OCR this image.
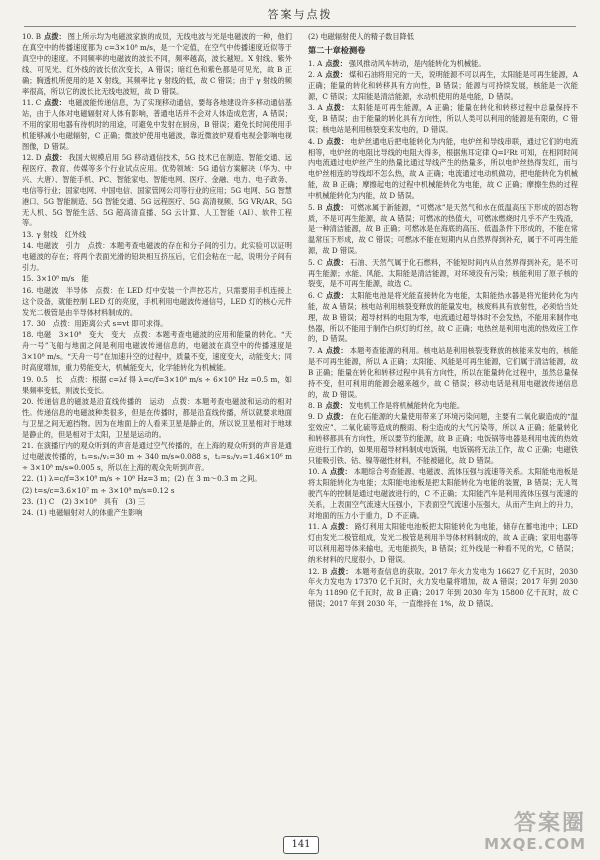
答案与点拨
10. B 点拨： 图上所示均为电磁波家族的成员，无线电波与光是电磁波的一种，他们在真空中的传播速度都为 c=3×10⁸ m/s，是一个定值，在空气中传播速度近似等于真空中的速度。不同频率的电磁波的波长不同，频率越高，波长越短。X 射线、紫外线、可见光、红外线的波长依次变长，A 错误；暗红色和紫色都是可见光，故 B 正确；胸透机所使用的是 X 射线，其频率比 γ 射线的低，故 C 错误；由于 γ 射线的频率很高，所以它的波长比无线电波短，故 D 错误。
11. C 点拨： 电磁波能传递信息，为了实现移动通信，要每各地建设许多移动通信基站，由于人体对电磁辐射对人体有影响，普通电话并不会对人体造成危害，A 错误；不用的家用电器有待机时的用途，可避免中发射在厨房，B 错误；避免长时间使用手机能够减小电磁辐射，C 正确；微波炉使用电磁波，靠近微波炉观看电视会影响电视图像，D 错误。
12. D 点拨： 我国大规模启用 5G 移动通信技术，5G 技术已在制造、智能交通、远程医疗、教育、传媒等多个行业试点应用。优势领域：5G 通信方案解决（华为、中兴、大唐）、智能手机、PC、智能家电、智能电网、医疗、金融、电力、电子政务、电信等行业；国家电网、中国电信、国家管网公司等行业的应用；5G 电网、5G 智慧港口、5G 智能制造、5G 智能交通、5G 远程医疗、5G 高清视频、5G VR/AR、5G 无人机、5G 智能生活、5G 超高清直播、5G 云计算、人工智能（AI）、软件工程等。
13. γ 射线　红外线
14. 电磁波　引力　点拨：本题考查电磁波的存在和分子间的引力。此实验可以证明电磁波的存在；将两个表面光滑的铅块相互挤压后，它们会粘在一起，说明分子间有引力。
15. 3×10⁸ m/s　能
16. 电磁波　半导体　点拨：在 LED 灯中安装一个声控芯片，只需要用手机连接上这个设备，就能控制 LED 灯的亮度，手机利用电磁波传递信号，LED 灯的核心元件发光二极管是由半导体材料制成的。
17. 30　点拨：用距离公式 s=vt 即可求得。
18. 电磁　3×10⁸　变大　变大　点拨：本题考查电磁波的应用和能量的转化。“天舟一号”飞船与地面之间是利用电磁波传递信息的，电磁波在真空中的传播速度是 3×10⁸ m/s。“天舟一号”在加速升空的过程中，质量不变，速度变大，动能变大；同时高度增加，重力势能变大，机械能变大，化学能转化为机械能。
19. 0.5　长　点拨：根据 c=λf 得 λ=c/f=3×10⁸ m/s ÷ 6×10⁸ Hz =0.5 m，如果频率变低，则波长变长。
20. 传递信息的磁波是沿直线传播的　运动　点拨：本题考查电磁波和运动的相对性。传递信息的电磁波种类很多，但是在传播时，都是沿直线传播，所以就要求地面与卫星之间无遮挡物。因为在地面上的人看来卫星是静止的，所以说卫星相对于地球是静止的，但是相对于太阳，卫星是运动的。
21. 在演播厅内的观众听到的声音是通过空气传播的，在上海的观众听到的声音是通过电磁波传播的，t₁=s₁/v₁=30 m ÷ 340 m/s≈0.088 s，t₂=s₂/v₂=1.46×10⁶ m ÷ 3×10⁸ m/s≈0.005 s，所以在上海的观众先听到声音。
22. (1) λ=c/f=3×10⁸ m/s ÷ 10⁸ Hz=3 m；(2) 在 3 m～0.3 m 之间。
(2) t=s/c=3.6×10⁷ m ÷ 3×10⁸ m/s=0.12 s
23. (1) C　(2) 3×10⁸　具有　(3) 三
24. (1) 电磁辐射对人的体重产生影响
(2) 电磁辐射使人的精子数目降低
第二十章检测卷
1. A 点拨： 强风推动风车转动，是内能转化为机械能。
2. A 点拨： 煤和石油将用完的一天，说明能源不可以再生，太阳能是可再生能源，A 正确；能量的转化和转移具有方向性，B 错误；能源与可持续发展，核能是一次能源，C 错误；太阳能是清洁能源，水动机使用的是电能，D 错误。
3. A 点拨： 太阳能是可再生能源，A 正确；能量在转化和转移过程中总量保持不变，B 错误；由于能量的转化具有方向性，所以人类可以利用的能源是有限的，C 错误；核电站是利用核裂变来发电的，D 错误。
4. D 点拨： 电炉丝通电后把电能转化为内能，电炉丝和导线串联，通过它们的电流相等，电炉丝的电阻比导线的电阻大得多，根据焦耳定律 Q=I²Rt 可知，在相同时间内电流通过电炉丝产生的热量比通过导线产生的热量多，所以电炉丝热得发红，而与电炉丝相连的导线却不怎么热，故 A 正确；电流通过电动机做功，把电能转化为机械能，故 B 正确；摩擦起电的过程中机械能转化为电能，故 C 正确；摩擦生热的过程中机械能转化为内能，故 D 错误。
5. B 点拨： 可燃冰属于新能源，“可燃冰”是天然气和水在低温高压下形成的固态物质，不是可再生能源，故 A 错误；可燃冰的热值大，可燃冰燃烧时几乎不产生残渣，是一种清洁能源，故 B 正确；可燃冰是在海底的高压、低温条件下形成的，不能在常温常压下形成，故 C 错误；可燃冰不能在短期内从自然界得到补充，属于不可再生能源，故 D 错误。
5. C 点拨： 石油、天然气属于化石燃料，不能短时间内从自然界得到补充，是不可再生能源；水能、风能、太阳能是清洁能源，对环境没有污染；核能利用了原子核的裂变，是不可再生能源，故选 C。
6. C 点拨： 太阳能电池是将光能直接转化为电能，太阳能热水器是将光能转化为内能，故 A 错误；核电站利用核裂变释放的能量发电，核废料具有放射性，必须恰当处理，故 B 错误；超导材料的电阻为零，电流通过超导体时不会发热，不能用来制作电热器，所以不能用于制作白炽灯的灯丝，故 C 正确；电热丝是利用电流的热效应工作的，D 错误。
7. A 点拨： 本题考查能源的利用。核电站是利用核裂变释放的核能来发电的，核能是不可再生能源，所以 A 正确；太阳能、风能是可再生能源，它们属于清洁能源，故 B 正确；能量在转化和转移过程中具有方向性，所以在能量转化过程中，虽然总量保持不变，但可利用的能源会越来越少，故 C 错误；移动电话是利用电磁波传递信息的，故 D 错误。
8. B 点拨： 发电机工作是将机械能转化为电能。
9. D 点拨： 在化石能源的大量使用带来了环境污染问题，主要有二氧化碳造成的“温室效应”、二氧化硫等造成的酸雨、粉尘造成的大气污染等，所以 A 正确；能量转化和转移都具有方向性，所以要节约能源，故 B 正确；电饭锅等电器是利用电流的热效应进行工作的，如果用超导材料制成电饭锅，电饭锅将无法工作，故 C 正确；电磁铁只能吸引铁、钴、镍等磁性材料，不能被磁化，故 D 错误。
10. A 点拨： 本题综合考查能源、电磁波、流体压强与流速等关系。太阳能电池板是将太阳能转化为电能；太阳能电池板是把太阳能转化为电能的装置，B 错误；无人驾驶汽车的控制是通过电磁波进行的，C 不正确；太阳能汽车是利用流体压强与流速的关系，上表面空气流速大压强小，下表面空气流速小压强大，从而产生向上的升力，对地面的压力小于重力，D 不正确。
11. A 点拨： 路灯利用太阳能电池板把太阳能转化为电能，储存在蓄电池中；LED 灯由发光二极管组成，发光二极管是利用半导体材料制成的，故 A 正确；家用电器等可以利用超导体来输电，无电能损失，B 错误；红外线是一种看不见的光，C 错误；纳米材料的尺度很小，D 错误。
12. B 点拨： 本题考查信息的获取。2017 年火力发电为 16627 亿千瓦时，2030 年火力发电为 17370 亿千瓦时，火力发电量将增加，故 A 错误；2017 年到 2030 年为 11890 亿千瓦时，故 B 正确；2017 年到 2030 年为 15800 亿千瓦时，故 C 错误；2017 年到 2030 年，一直维持在 1%，故 D 错误。
141
答案圈
MXQE.COM
